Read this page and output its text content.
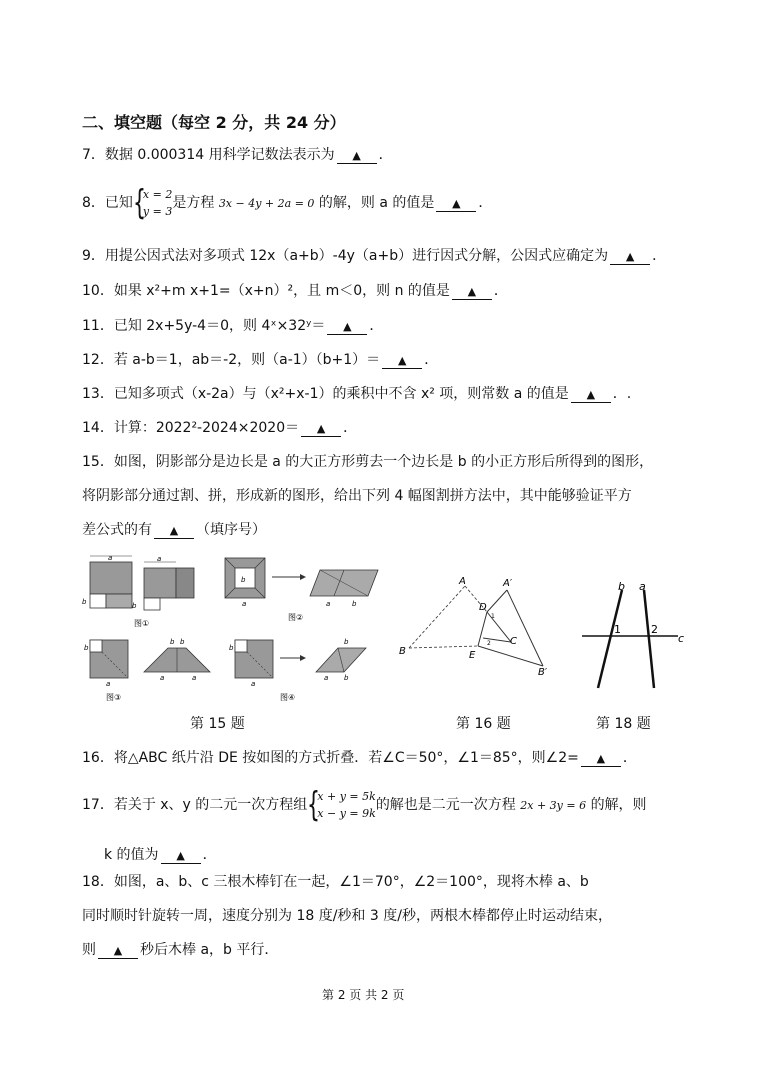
二、填空题（每空 2 分，共 24 分）
7．数据 0.000314 用科学记数法表示为 ▲ ．
8．已知 {
x = 2
y = 3
是方程 3x − 4y + 2a = 0 的解，则 a 的值是 ▲ ．
9．用提公因式法对多项式 12x（a+b）-4y（a+b）进行因式分解，公因式应确定为 ▲ ．
10．如果 x²+m x+1=（x+n）²，且 m＜0，则 n 的值是 ▲ ．
11．已知 2x+5y-4＝0，则 4ˣ×32ʸ＝ ▲ ．
12．若 a-b＝1，ab＝-2，则（a-1）（b+1）＝ ▲ ．
13．已知多项式（x-2a）与（x²+x-1）的乘积中不含 x² 项，则常数 a 的值是 ▲ ．.
14．计算：2022²-2024×2020＝ ▲ ．
15．如图，阴影部分是边长是 a 的大正方形剪去一个边长是 b 的小正方形后所得到的图形，
将阴影部分通过割、拼，形成新的图形，给出下列 4 幅图割拼方法中，其中能够验证平方
差公式的有 ▲ （填序号）
a
b
a
b
图①
b
a	a	b
图②
b
a
b b
a	a
图③
b
a
b
a b
图④
A	A′
B
B′
C
D
E
1
2
b a
c
1	2
第 15 题	第 16 题	第 18 题
16．将△ABC 纸片沿 DE 按如图的方式折叠．若∠C＝50°，∠1＝85°，则∠2= ▲ ．
17．若关于 x、y 的二元一次方程组 {
x + y = 5k
x − y = 9k
的解也是二元一次方程 2x + 3y = 6 的解，则
k 的值为 ▲ ．
18．如图，a、b、c 三根木棒钉在一起，∠1＝70°，∠2＝100°，现将木棒 a、b
同时顺时针旋转一周，速度分别为 18 度/秒和 3 度/秒，两根木棒都停止时运动结束，
则 ▲ 秒后木棒 a，b 平行．
第 2 页 共 2 页
